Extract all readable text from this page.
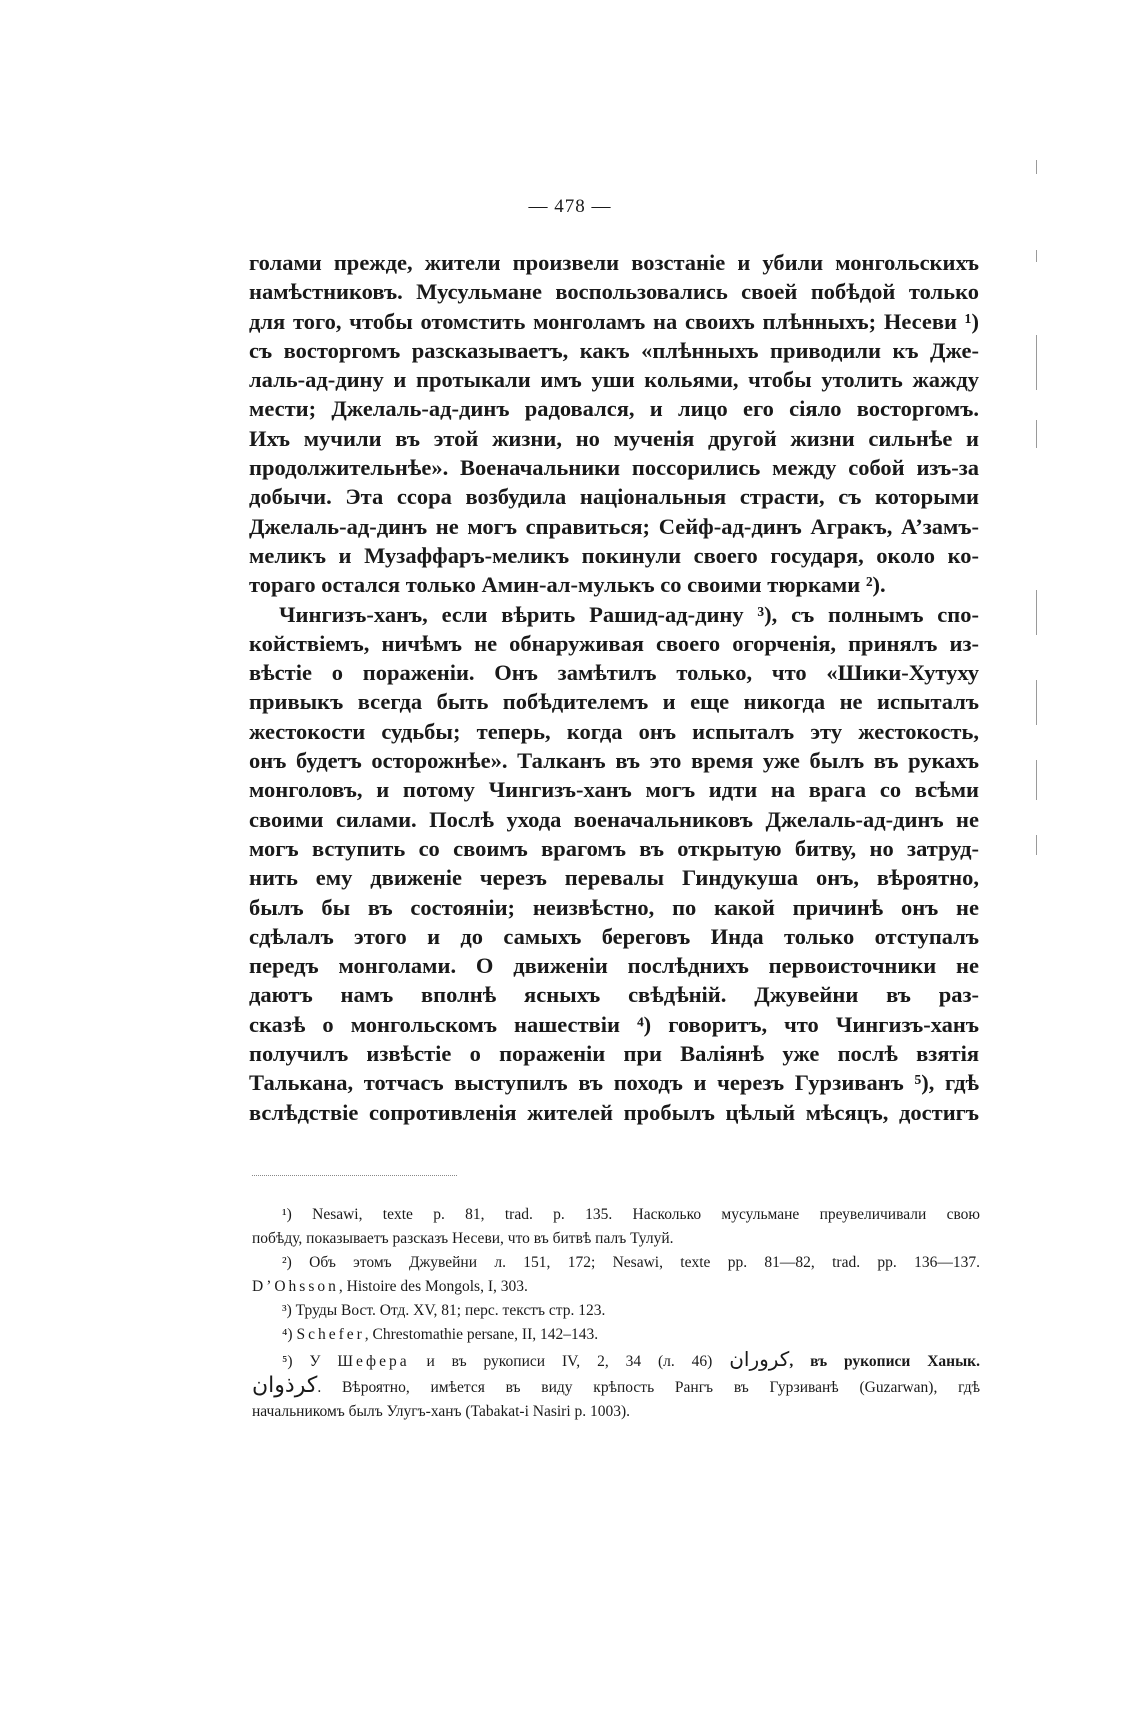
— 478 —
голами прежде, жители произвели возстаніе и убили монгольскихъ
намѣстниковъ. Мусульмане воспользовались своей побѣдой только
для того, чтобы отомстить монголамъ на своихъ плѣнныхъ; Несеви ¹)
съ восторгомъ разсказываетъ, какъ «плѣнныхъ приводили къ Дже-
лаль-ад-дину и протыкали имъ уши кольями, чтобы утолить жажду
мести; Джелаль-ад-динъ радовался, и лицо его сіяло восторгомъ.
Ихъ мучили въ этой жизни, но мученія другой жизни сильнѣе и
продолжительнѣе». Военачальники поссорились между собой изъ-за
добычи. Эта ссора возбудила національныя страсти, съ которыми
Джелаль-ад-динъ не могъ справиться; Сейф-ад-динъ Агракъ, А’замъ-
меликъ и Музаффаръ-меликъ покинули своего государя, около ко-
тораго остался только Амин-ал-мулькъ со своими тюрками ²).
Чингизъ-ханъ, если вѣрить Рашид-ад-дину ³), съ полнымъ спо-
койствіемъ, ничѣмъ не обнаруживая своего огорченія, принялъ из-
вѣстіе о пораженіи. Онъ замѣтилъ только, что «Шики-Хутуху
привыкъ всегда быть побѣдителемъ и еще никогда не испыталъ
жестокости судьбы; теперь, когда онъ испыталъ эту жестокость,
онъ будетъ осторожнѣе». Талканъ въ это время уже былъ въ рукахъ
монголовъ, и потому Чингизъ-ханъ могъ идти на врага со всѣми
своими силами. Послѣ ухода военачальниковъ Джелаль-ад-динъ не
могъ вступить со своимъ врагомъ въ открытую битву, но затруд-
нить ему движеніе черезъ перевалы Гиндукуша онъ, вѣроятно,
былъ бы въ состояніи; неизвѣстно, по какой причинѣ онъ не
сдѣлалъ этого и до самыхъ береговъ Инда только отступалъ
передъ монголами. О движеніи послѣднихъ первоисточники не
даютъ намъ вполнѣ ясныхъ свѣдѣній. Джувейни въ раз-
сказѣ о монгольскомъ нашествіи ⁴) говоритъ, что Чингизъ-ханъ
получилъ извѣстіе о пораженіи при Валіянѣ уже послѣ взятія
Талькана, тотчасъ выступилъ въ походъ и черезъ Гурзиванъ ⁵), гдѣ
вслѣдствіе сопротивленія жителей пробылъ цѣлый мѣсяцъ, достигъ
¹) Nesawi, texte p. 81, trad. p. 135. Насколько мусульмане преувеличивали свою
побѣду, показываетъ разсказъ Несеви, что въ битвѣ палъ Тулуй.
²) Объ этомъ Джувейни л. 151, 172; Nesawi, texte pp. 81—82, trad. pp. 136—137.
D’Ohsson, Histoire des Mongols, I, 303.
³) Труды Вост. Отд. XV, 81; перс. текстъ стр. 123.
⁴) Schefer, Chrestomathie persane, II, 142–143.
⁵) У Шефера и въ рукописи IV, 2, 34 (л. 46) كروران, въ рукописи Ханык.
كرذوان. Вѣроятно, имѣется въ виду крѣпость Рангъ въ Гурзиванѣ (Guzarwan), гдѣ
начальникомъ былъ Улугъ-ханъ (Tabakat-i Nasiri p. 1003).
